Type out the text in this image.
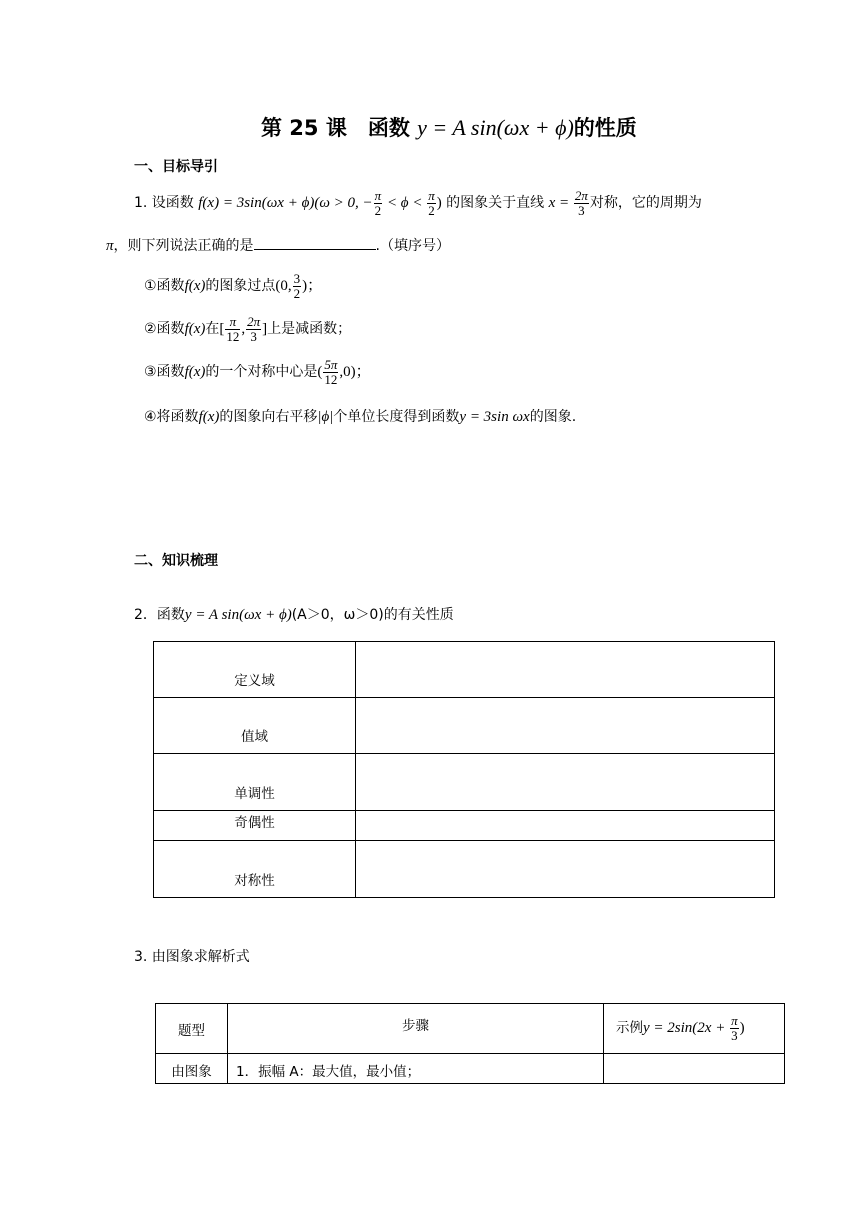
第 25 课　函数 y = A sin(ωx + ϕ)的性质
一、目标导引
1. 设函数 f(x) = 3sin(ωx + ϕ)(ω > 0, − $\frac{\pi}{2} < \phi < \frac{\pi}{2}$ ) 的图象关于直线 $x = \frac{2\pi}{3}$ 对称，它的周期为
π，则下列说法正确的是	.（填序号）
①函数f(x)的图象过点(0, $\frac{3}{2}$ )；
②函数f(x)在[ $\frac{\pi}{12}$ , $\frac{2\pi}{3}$ ]上是减函数；
③函数f(x)的一个对称中心是( $\frac{5\pi}{12} ,0$)；
④将函数f(x)的图象向右平移|ϕ|个单位长度得到函数y = 3sin ωx的图象.
二、知识梳理
2．函数y = A sin(ωx + ϕ)(A＞0，ω＞0)的有关性质
定义域	
值域	
单调性	
奇偶性	
对称性	
3. 由图象求解析式
题型	步骤	示例$y = 2\sin(2x + \frac{\pi}{3}$ )
由图象	1．振幅 A：最大值，最小值；	
